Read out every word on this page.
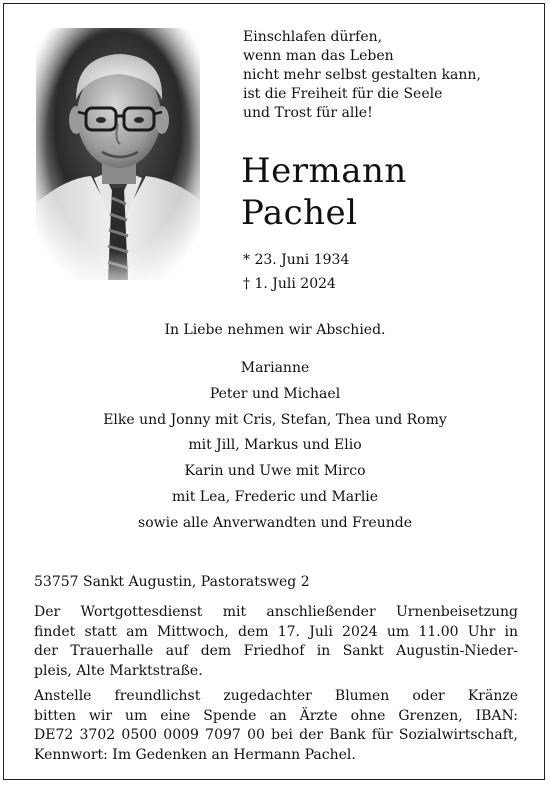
Einschlafen dürfen,
wenn man das Leben
nicht mehr selbst gestalten kann,
ist die Freiheit für die Seele
und Trost für alle!
Hermann
Pachel
* 23. Juni 1934
† 1. Juli 2024
In Liebe nehmen wir Abschied.
Marianne
Peter und Michael
Elke und Jonny mit Cris, Stefan, Thea und Romy
mit Jill, Markus und Elio
Karin und Uwe mit Mirco
mit Lea, Frederic und Marlie
sowie alle Anverwandten und Freunde
53757 Sankt Augustin, Pastoratsweg 2
Der Wortgottesdienst mit anschließender Urnenbeisetzung
findet statt am Mittwoch, dem 17. Juli 2024 um 11.00 Uhr in
der Trauerhalle auf dem Friedhof in Sankt Augustin-Nieder-
pleis, Alte Marktstraße.
Anstelle freundlichst zugedachter Blumen oder Kränze
bitten wir um eine Spende an Ärzte ohne Grenzen, IBAN:
DE72 3702 0500 0009 7097 00 bei der Bank für Sozialwirtschaft,
Kennwort: Im Gedenken an Hermann Pachel.
